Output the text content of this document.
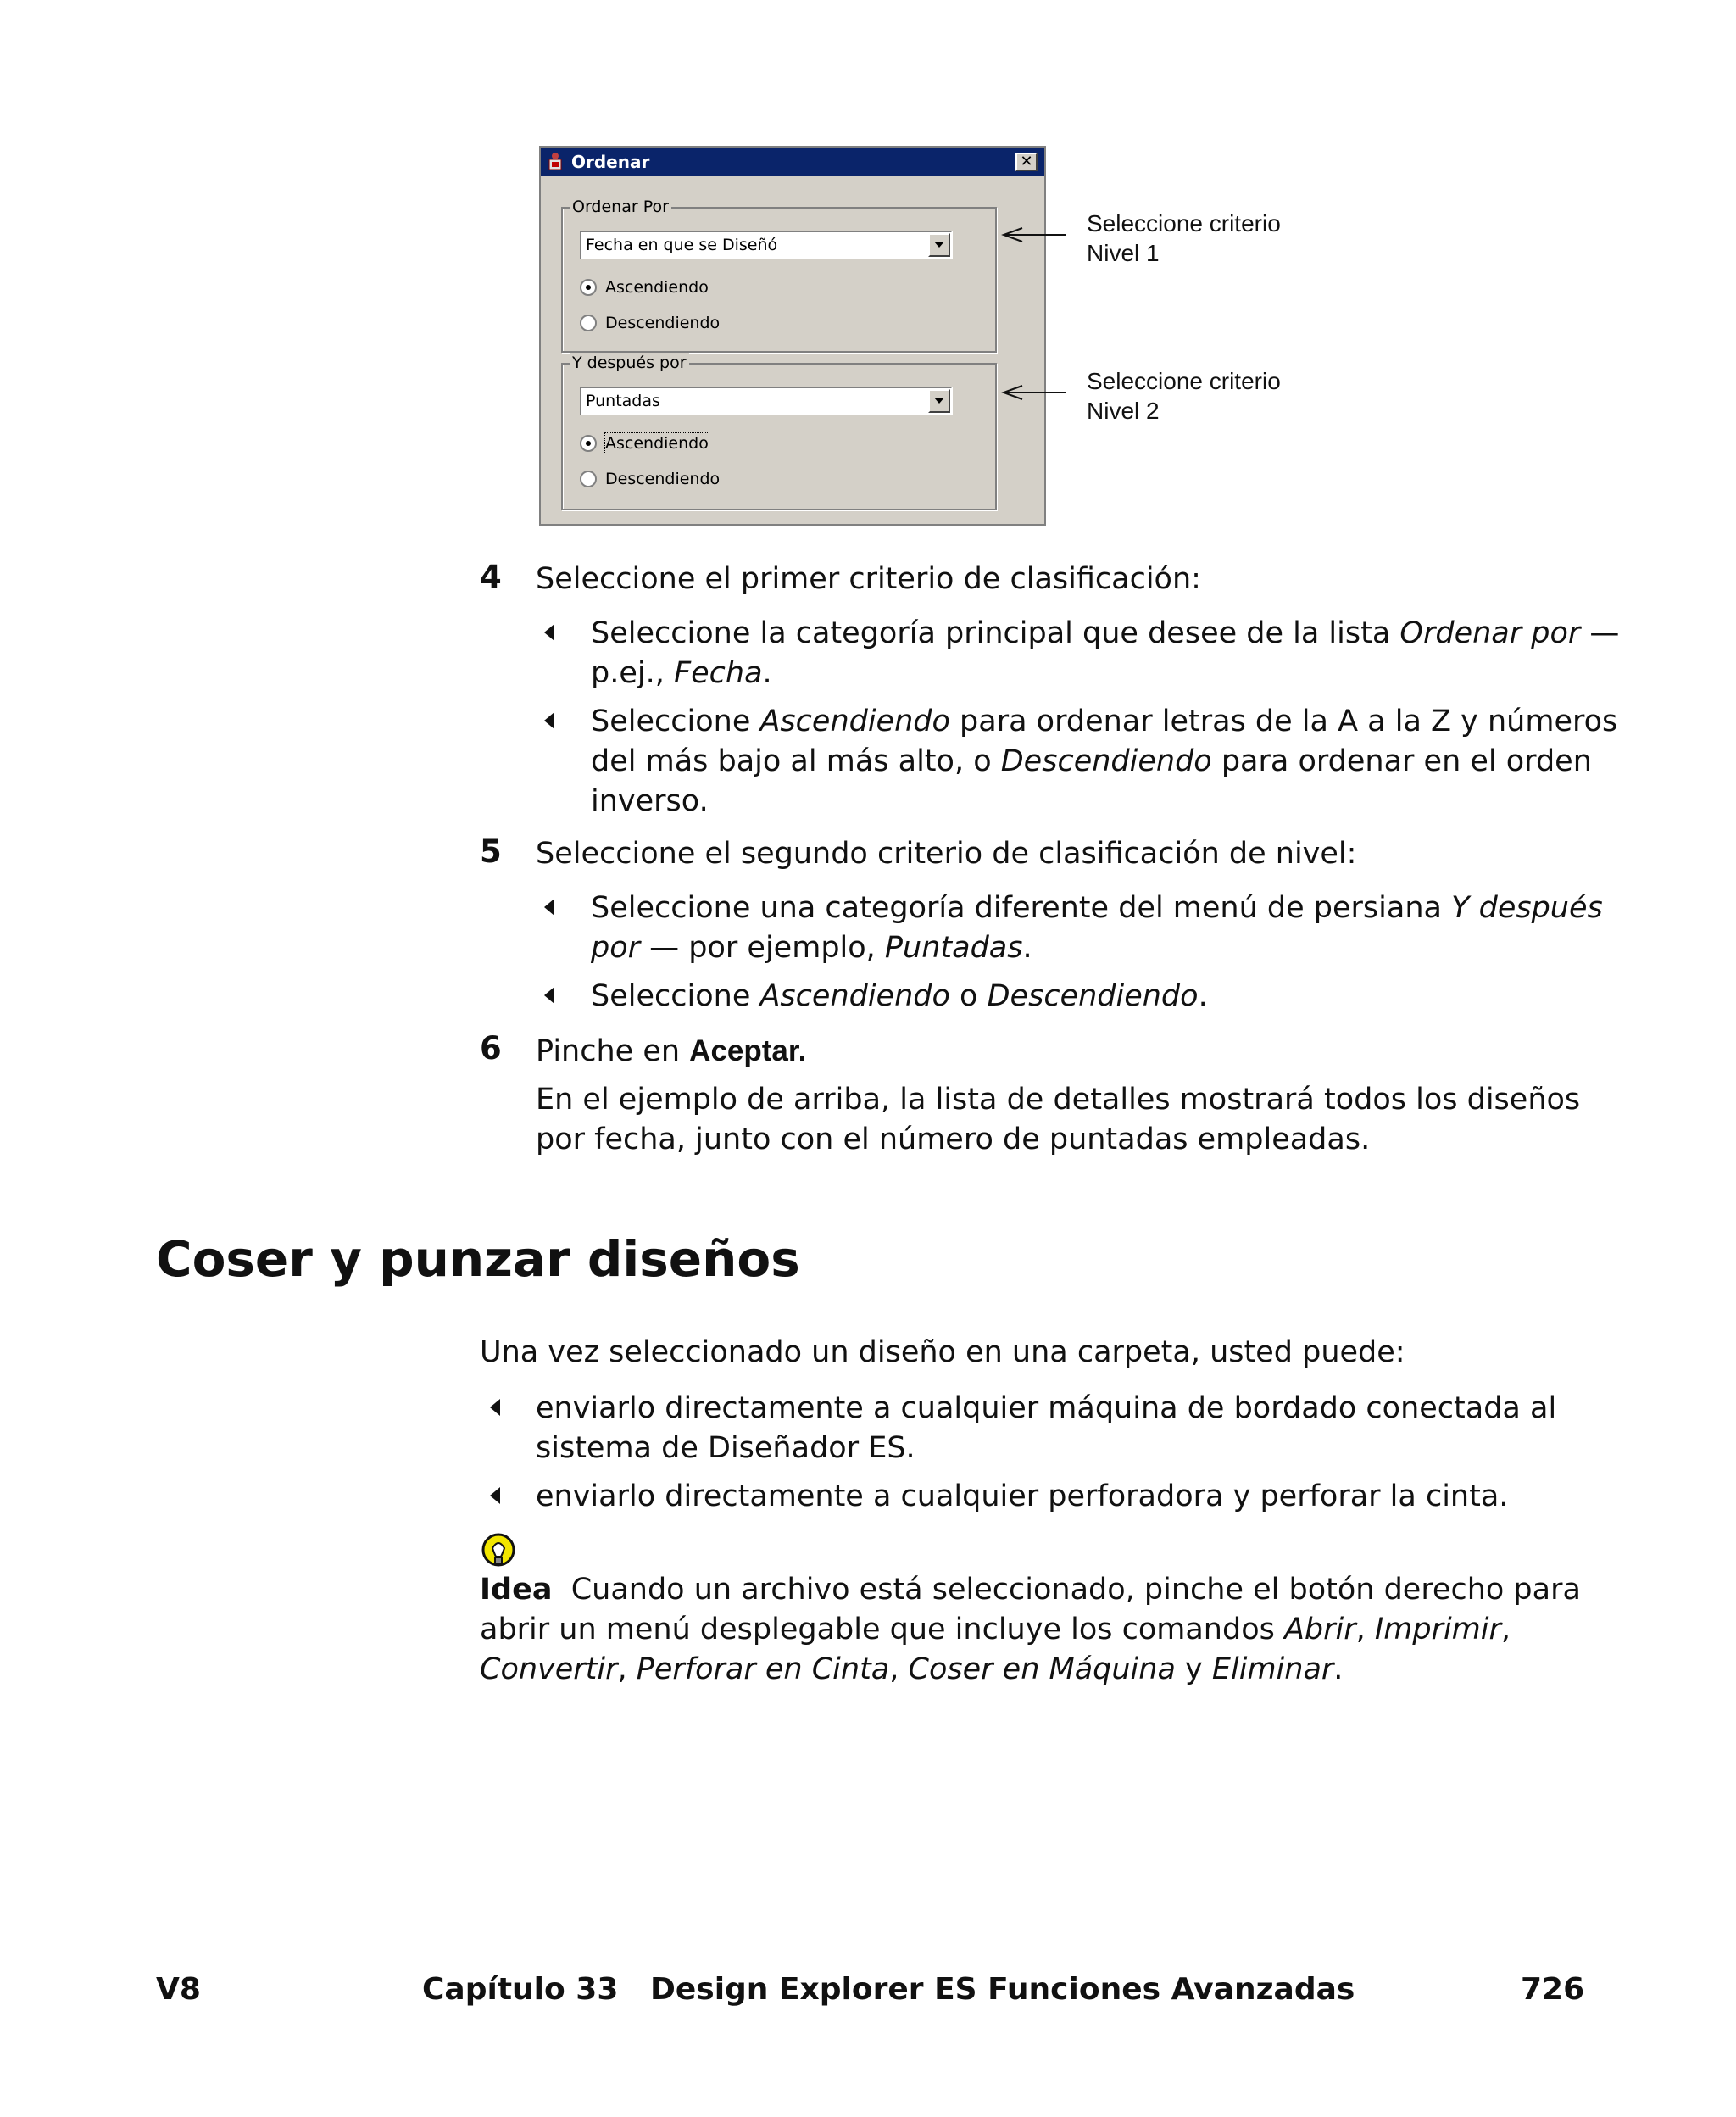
Ordenar	✕
Ordenar Por
Fecha en que se Diseñó
Ascendiendo
Descendiendo
Y después por
Puntadas
Ascendiendo
Descendiendo
Seleccione criterio
Nivel 1
Seleccione criterio
Nivel 2
4 Seleccione el primer criterio de clasificación:
Seleccione la categoría principal que desee de la lista Ordenar por —
p.ej., Fecha.
Seleccione Ascendiendo para ordenar letras de la A a la Z y números
del más bajo al más alto, o Descendiendo para ordenar en el orden
inverso.
5 Seleccione el segundo criterio de clasificación de nivel:
Seleccione una categoría diferente del menú de persiana Y después
por — por ejemplo, Puntadas.
Seleccione Ascendiendo o Descendiendo.
6 Pinche en Aceptar.
En el ejemplo de arriba, la lista de detalles mostrará todos los diseños
por fecha, junto con el número de puntadas empleadas.
Coser y punzar diseños
Una vez seleccionado un diseño en una carpeta, usted puede:
enviarlo directamente a cualquier máquina de bordado conectada al
sistema de Diseñador ES.
enviarlo directamente a cualquier perforadora y perforar la cinta.
Idea Cuando un archivo está seleccionado, pinche el botón derecho para
abrir un menú desplegable que incluye los comandos Abrir, Imprimir,
Convertir, Perforar en Cinta, Coser en Máquina y Eliminar.
V8	Capítulo 33   Design Explorer ES Funciones Avanzadas	726
